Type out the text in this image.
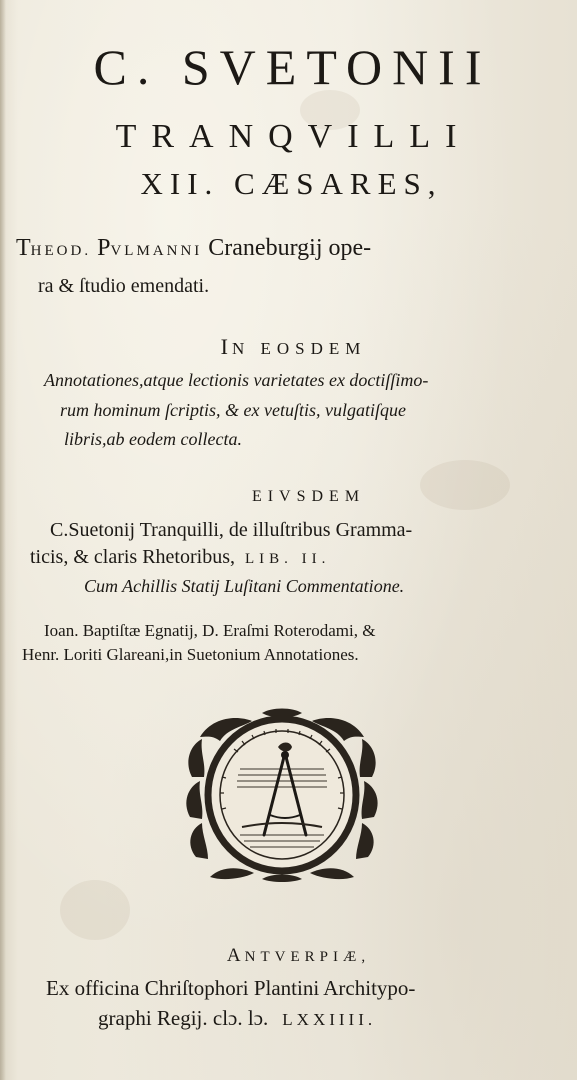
C. SVETONII
TRANQVILLI
XII. CÆSARES,
THEOD. PVLMANNI Craneburgij ope-
ra & ſtudio emendati.
IN EOSDEM
Annotationes,atque lectionis varietates ex doctiſſimo-
rum hominum ſcriptis, & ex vetuſtis, vulgatiſque
libris,ab eodem collecta.
EIVSDEM
C.Suetonij Tranquilli, de illuſtribus Gramma-
ticis, & claris Rhetoribus, LIB. II.
Cum Achillis Statij Luſitani Commentatione.
Ioan. Baptiſtæ Egnatij, D. Eraſmi Roterodami, &
Henr. Loriti Glareani,in Suetonium Annotationes.
ANTVERPIÆ,
Ex officina Chriſtophori Plantini Architypo-
graphi Regij. clɔ. lɔ. LXXIIII.
